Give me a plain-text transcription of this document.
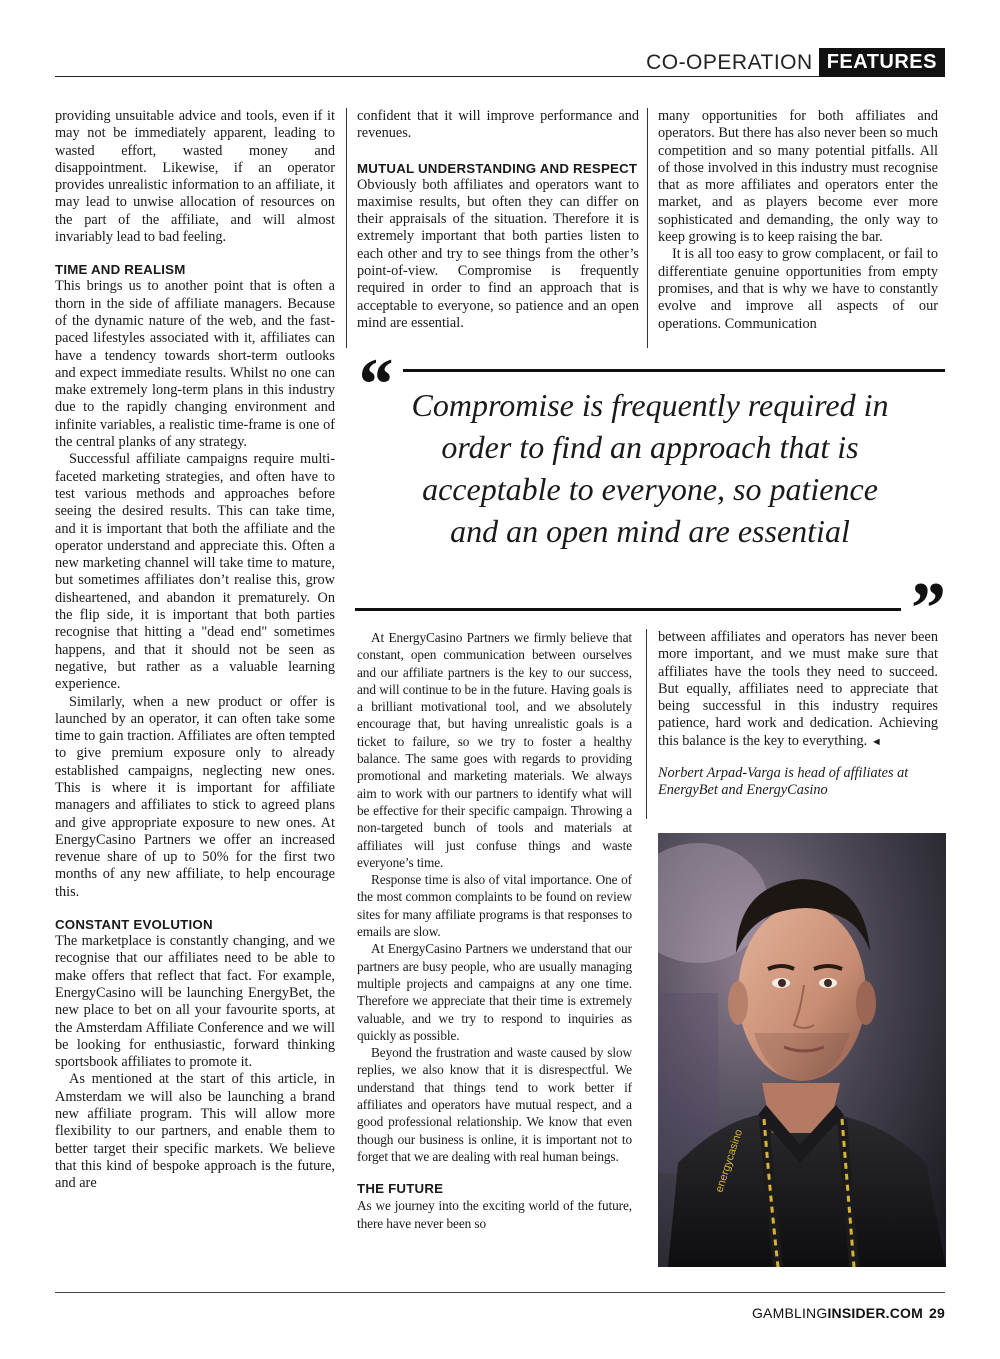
CO-OPERATION FEATURES

providing unsuitable advice and tools, even if it may not be immediately apparent, leading to wasted effort, wasted money and disappointment. Likewise, if an operator provides unrealistic information to an affiliate, it may lead to unwise allocation of resources on the part of the affiliate, and will almost invariably lead to bad feeling.

TIME AND REALISM

This brings us to another point that is often a thorn in the side of affiliate managers. Because of the dynamic nature of the web, and the fast-paced lifestyles associated with it, affiliates can have a tendency towards short-term outlooks and expect immediate results. Whilst no one can make extremely long-term plans in this industry due to the rapidly changing environment and infinite variables, a realistic time-frame is one of the central planks of any strategy.

Successful affiliate campaigns require multi-faceted marketing strategies, and often have to test various methods and approaches before seeing the desired results. This can take time, and it is important that both the affiliate and the operator understand and appreciate this. Often a new marketing channel will take time to mature, but sometimes affiliates don’t realise this, grow disheartened, and abandon it prematurely. On the flip side, it is important that both parties recognise that hitting a "dead end" sometimes happens, and that it should not be seen as negative, but rather as a valuable learning experience.

Similarly, when a new product or offer is launched by an operator, it can often take some time to gain traction. Affiliates are often tempted to give premium exposure only to already established campaigns, neglecting new ones. This is where it is important for affiliate managers and affiliates to stick to agreed plans and give appropriate exposure to new ones. At EnergyCasino Partners we offer an increased revenue share of up to 50% for the first two months of any new affiliate, to help encourage this.

CONSTANT EVOLUTION

The marketplace is constantly changing, and we recognise that our affiliates need to be able to make offers that reflect that fact. For example, EnergyCasino will be launching EnergyBet, the new place to bet on all your favourite sports, at the Amsterdam Affiliate Conference and we will be looking for enthusiastic, forward thinking sportsbook affiliates to promote it.

As mentioned at the start of this article, in Amsterdam we will also be launching a brand new affiliate program. This will allow more flexibility to our partners, and enable them to better target their specific markets. We believe that this kind of bespoke approach is the future, and are

confident that it will improve performance and revenues.

MUTUAL UNDERSTANDING AND RESPECT

Obviously both affiliates and operators want to maximise results, but often they can differ on their appraisals of the situation. Therefore it is extremely important that both parties listen to each other and try to see things from the other’s point-of-view. Compromise is frequently required in order to find an approach that is acceptable to everyone, so patience and an open mind are essential.

many opportunities for both affiliates and operators. But there has also never been so much competition and so many potential pitfalls. All of those involved in this industry must recognise that as more affiliates and operators enter the market, and as players become ever more sophisticated and demanding, the only way to keep growing is to keep raising the bar.

It is all too easy to grow complacent, or fail to differentiate genuine opportunities from empty promises, and that is why we have to constantly evolve and improve all aspects of our operations. Communication

“ Compromise is frequently required in order to find an approach that is acceptable to everyone, so patience and an open mind are essential
”

At EnergyCasino Partners we firmly believe that constant, open communication between ourselves and our affiliate partners is the key to our success, and will continue to be in the future. Having goals is a brilliant motivational tool, and we absolutely encourage that, but having unrealistic goals is a ticket to failure, so we try to foster a healthy balance. The same goes with regards to providing promotional and marketing materials. We always aim to work with our partners to identify what will be effective for their specific campaign. Throwing a non-targeted bunch of tools and materials at affiliates will just confuse things and waste everyone’s time.

Response time is also of vital importance. One of the most common complaints to be found on review sites for many affiliate programs is that responses to emails are slow.

At EnergyCasino Partners we understand that our partners are busy people, who are usually managing multiple projects and campaigns at any one time. Therefore we appreciate that their time is extremely valuable, and we try to respond to inquiries as quickly as possible.

Beyond the frustration and waste caused by slow replies, we also know that it is disrespectful. We understand that things tend to work better if affiliates and operators have mutual respect, and a good professional relationship. We know that even though our business is online, it is important not to forget that we are dealing with real human beings.

THE FUTURE

As we journey into the exciting world of the future, there have never been so

between affiliates and operators has never been more important, and we must make sure that affiliates have the tools they need to succeed. But equally, affiliates need to appreciate that being successful in this industry requires patience, hard work and dedication. Achieving this balance is the key to everything. ◄

Norbert Arpad-Varga is head of affiliates at EnergyBet and EnergyCasino
energycasino
GAMBLINGINSIDER.COM 29
